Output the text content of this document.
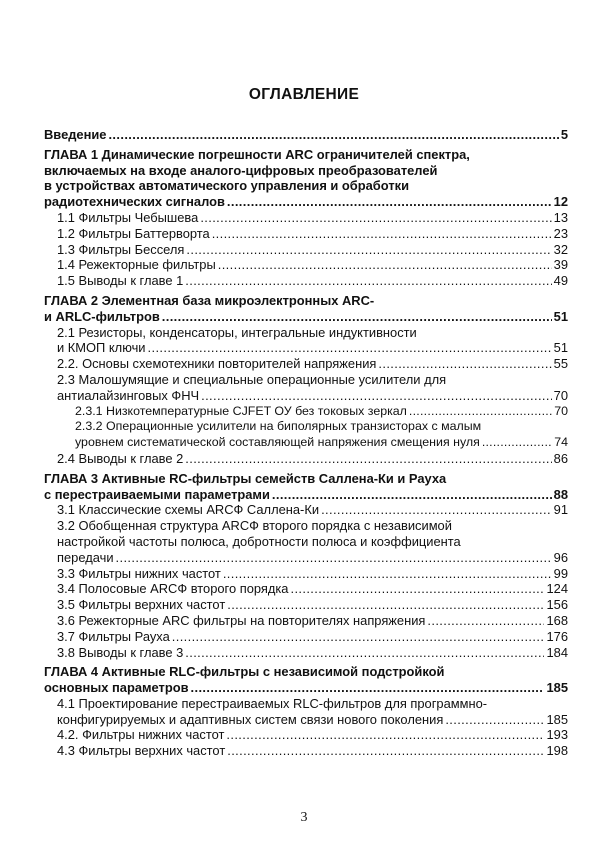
ОГЛАВЛЕНИЕ
Введение . . .	5
ГЛАВА 1 Динамические погрешности ARC ограничителей спектра,
включаемых на входе аналого-цифровых преобразователей
в устройствах автоматического управления и обработки
радиотехнических сигналов . . .	12
1.1 Фильтры Чебышева . . .	13
1.2 Фильтры Баттерворта . . .	23
1.3 Фильтры Бесселя . . .	32
1.4 Режекторные фильтры . . .	39
1.5 Выводы к главе 1 . . .	49
ГЛАВА 2 Элементная база микроэлектронных ARC-
и ARLC-фильтров . . .	51
2.1 Резисторы, конденсаторы, интегральные индуктивности
и КМОП ключи . . .	51
2.2. Основы схемотехники повторителей напряжения . . .	55
2.3 Малошумящие и специальные операционные усилители для
антиалайзинговых ФНЧ . . .	70
2.3.1 Низкотемпературные CJFET ОУ без токовых зеркал . . .	70
2.3.2 Операционные усилители на биполярных транзисторах с малым
уровнем систематической составляющей напряжения смещения нуля . . .	74
2.4 Выводы к главе 2 . . .	86
ГЛАВА 3 Активные RC-фильтры семейств Саллена-Ки и Рауха
с перестраиваемыми параметрами . . .	88
3.1 Классические схемы ARCФ Саллена-Ки . . .	91
3.2 Обобщенная структура ARCФ второго порядка с независимой
настройкой частоты полюса, добротности полюса и коэффициента
передачи . . .	96
3.3 Фильтры нижних частот . . .	99
3.4 Полосовые ARCФ второго порядка . . .	124
3.5 Фильтры верхних частот . . .	156
3.6 Режекторные ARC фильтры на повторителях напряжения . . .	168
3.7 Фильтры Рауха . . .	176
3.8 Выводы к главе 3 . . .	184
ГЛАВА 4 Активные RLC-фильтры с независимой подстройкой
основных параметров . . .	185
4.1 Проектирование перестраиваемых RLC-фильтров для программно-
конфигурируемых и адаптивных систем связи нового поколения . . .	185
4.2. Фильтры нижних частот . . .	193
4.3 Фильтры верхних частот . . .	198
3
